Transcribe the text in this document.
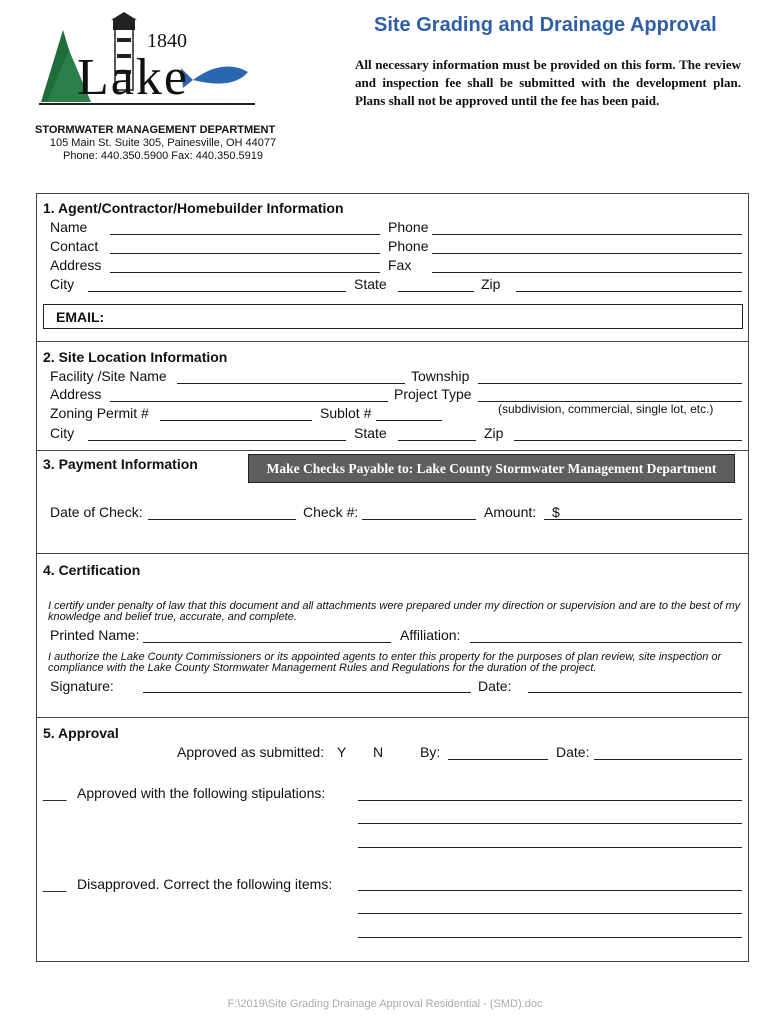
1840
Lake
Site Grading and Drainage Approval
All necessary information must be provided on this form. The review and inspection fee shall be submitted with the development plan. Plans shall not be approved until the fee has been paid.
STORMWATER MANAGEMENT DEPARTMENT
105 Main St. Suite 305, Painesville, OH 44077
Phone: 440.350.5900 Fax: 440.350.5919
1. Agent/Contractor/Homebuilder Information
Name	Phone
Contact	Phone
Address	Fax
City	State	Zip
EMAIL:
2. Site Location Information
Facility /Site Name	Township
Address	Project Type
Zoning Permit #	Sublot #	(subdivision, commercial, single lot, etc.)
City	State	Zip
3. Payment Information	Make Checks Payable to: Lake County Stormwater Management Department
Date of Check:	Check #:	Amount: $
4. Certification
I certify under penalty of law that this document and all attachments were prepared under my direction or supervision and are to the best of my knowledge and belief true, accurate, and complete.
Printed Name:	Affiliation:
I authorize the Lake County Commissioners or its appointed agents to enter this property for the purposes of plan review, site inspection or compliance with the Lake County Stormwater Management Rules and Regulations for the duration of the project.
Signature:	Date:
5. Approval
Approved as submitted: Y N	By:	Date:
___ Approved with the following stipulations:
___ Disapproved. Correct the following items:
F:\2019\Site Grading Drainage Approval Residential - (SMD).doc
